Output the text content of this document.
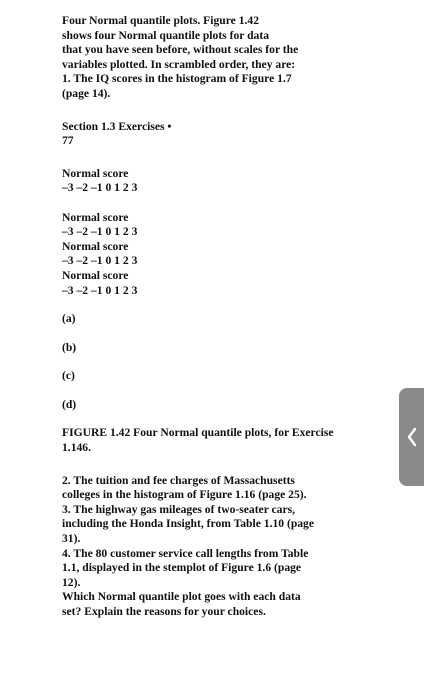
Four Normal quantile plots. Figure 1.42
shows four Normal quantile plots for data
that you have seen before, without scales for the
variables plotted. In scrambled order, they are:
1. The IQ scores in the histogram of Figure 1.7
(page 14).
Section 1.3 Exercises •
77
Normal score
–3 –2 –1 0 1 2 3
Normal score
–3 –2 –1 0 1 2 3
Normal score
–3 –2 –1 0 1 2 3
Normal score
–3 –2 –1 0 1 2 3
(a)
(b)
(c)
(d)
FIGURE 1.42 Four Normal quantile plots, for Exercise
1.146.
2. The tuition and fee charges of Massachusetts
colleges in the histogram of Figure 1.16 (page 25).
3. The highway gas mileages of two-seater cars,
including the Honda Insight, from Table 1.10 (page
31).
4. The 80 customer service call lengths from Table
1.1, displayed in the stemplot of Figure 1.6 (page
12).
Which Normal quantile plot goes with each data
set? Explain the reasons for your choices.
